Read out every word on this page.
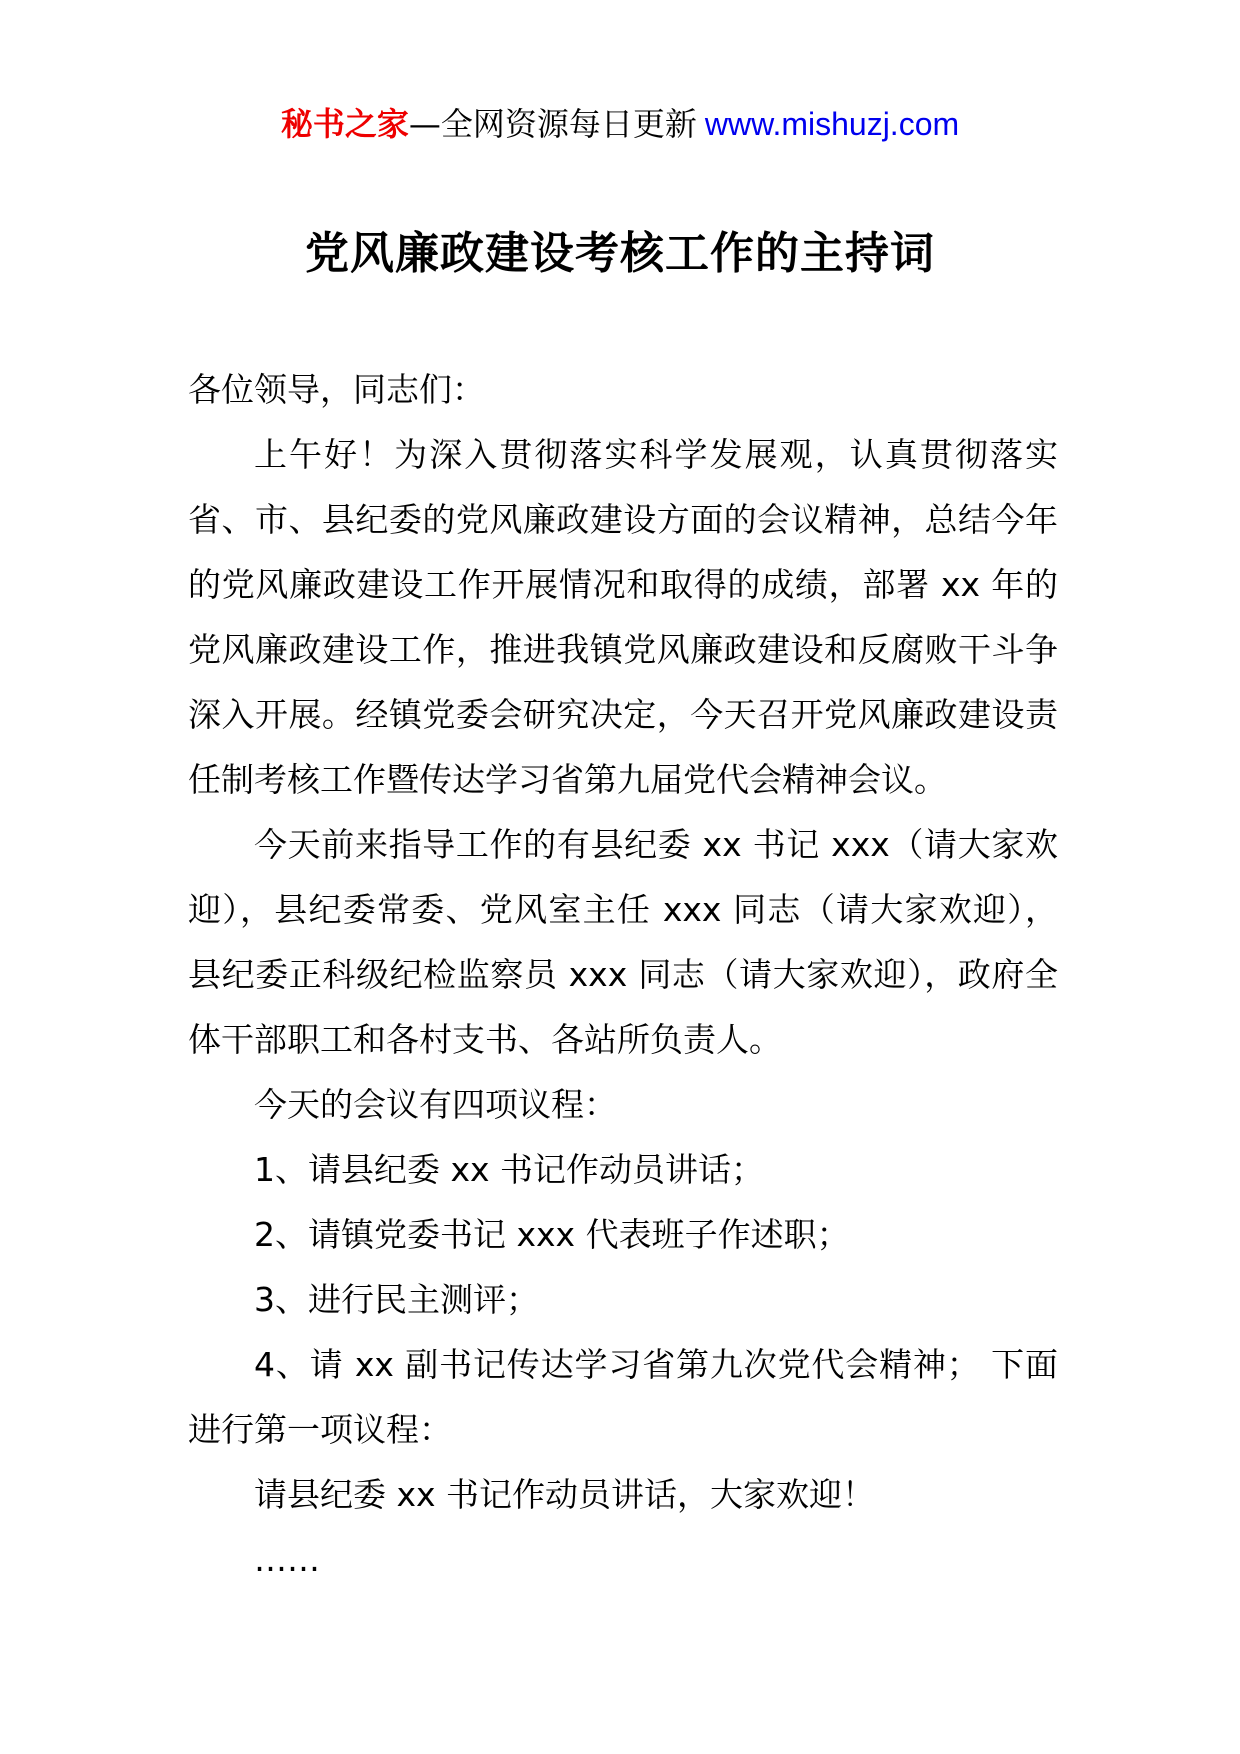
秘书之家—全网资源每日更新 www.mishuzj.com
党风廉政建设考核工作的主持词

各位领导，同志们：

上午好！为深入贯彻落实科学发展观，认真贯彻落实省、市、县纪委的党风廉政建设方面的会议精神，总结今年的党风廉政建设工作开展情况和取得的成绩，部署 xx 年的党风廉政建设工作，推进我镇党风廉政建设和反腐败干斗争深入开展。经镇党委会研究决定，今天召开党风廉政建设责任制考核工作暨传达学习省第九届党代会精神会议。

今天前来指导工作的有县纪委 xx 书记 xxx（请大家欢迎），县纪委常委、党风室主任 xxx 同志（请大家欢迎），县纪委正科级纪检监察员 xxx 同志（请大家欢迎），政府全体干部职工和各村支书、各站所负责人。

今天的会议有四项议程：

1、请县纪委 xx 书记作动员讲话；

2、请镇党委书记 xxx 代表班子作述职；

3、进行民主测评；

4、请 xx 副书记传达学习省第九次党代会精神； 下面进行第一项议程：

请县纪委 xx 书记作动员讲话，大家欢迎！

……
